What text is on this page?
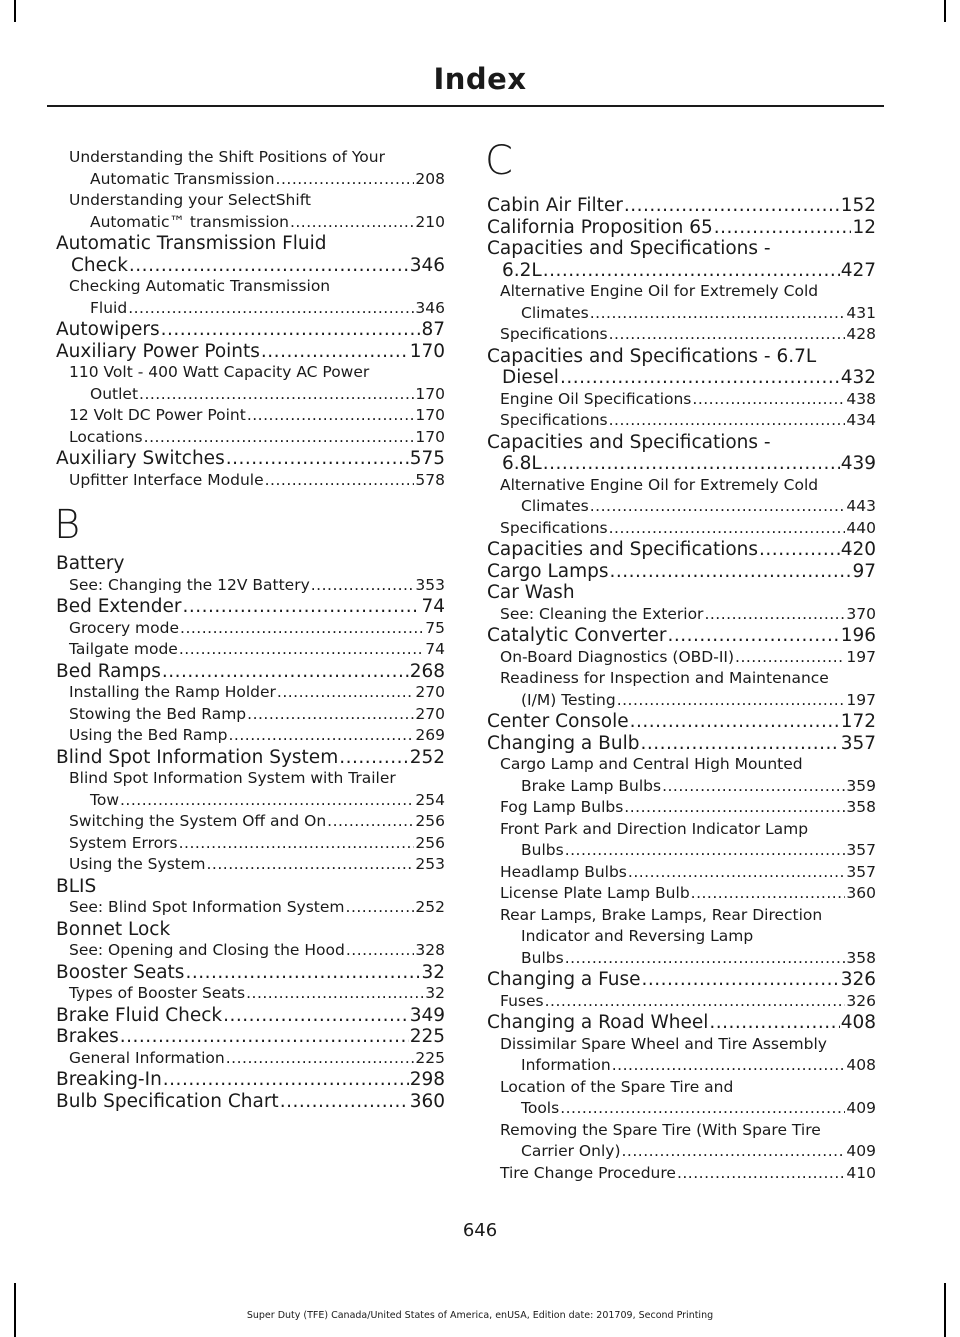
Index
Understanding the Shift Positions of Your
Automatic Transmission .....	208
Understanding your SelectShift
Automatic™ transmission .....	210
Automatic Transmission Fluid
Check .....	346
Checking Automatic Transmission
Fluid .....	346
Autowipers .....	87
Auxiliary Power Points .....	170
110 Volt - 400 Watt Capacity AC Power
Outlet .....	170
12 Volt DC Power Point .....	170
Locations .....	170
Auxiliary Switches .....	575
Upfitter Interface Module .....	578
B
Battery
See: Changing the 12V Battery .....	353
Bed Extender .....	74
Grocery mode .....	75
Tailgate mode .....	74
Bed Ramps .....	268
Installing the Ramp Holder .....	270
Stowing the Bed Ramp .....	270
Using the Bed Ramp .....	269
Blind Spot Information System .....	252
Blind Spot Information System with Trailer
Tow .....	254
Switching the System Off and On .....	256
System Errors .....	256
Using the System .....	253
BLIS
See: Blind Spot Information System .....	252
Bonnet Lock
See: Opening and Closing the Hood .....	328
Booster Seats .....	32
Types of Booster Seats .....	32
Brake Fluid Check .....	349
Brakes .....	225
General Information .....	225
Breaking-In .....	298
Bulb Specification Chart .....	360
C
Cabin Air Filter .....	152
California Proposition 65 .....	12
Capacities and Specifications -
6.2L .....	427
Alternative Engine Oil for Extremely Cold
Climates .....	431
Specifications .....	428
Capacities and Specifications - 6.7L
Diesel .....	432
Engine Oil Specifications .....	438
Specifications .....	434
Capacities and Specifications -
6.8L .....	439
Alternative Engine Oil for Extremely Cold
Climates .....	443
Specifications .....	440
Capacities and Specifications .....	420
Cargo Lamps .....	97
Car Wash
See: Cleaning the Exterior .....	370
Catalytic Converter .....	196
On-Board Diagnostics (OBD-II) .....	197
Readiness for Inspection and Maintenance
(I/M) Testing .....	197
Center Console .....	172
Changing a Bulb .....	357
Cargo Lamp and Central High Mounted
Brake Lamp Bulbs .....	359
Fog Lamp Bulbs .....	358
Front Park and Direction Indicator Lamp
Bulbs .....	357
Headlamp Bulbs .....	357
License Plate Lamp Bulb .....	360
Rear Lamps, Brake Lamps, Rear Direction
Indicator and Reversing Lamp
Bulbs .....	358
Changing a Fuse .....	326
Fuses .....	326
Changing a Road Wheel .....	408
Dissimilar Spare Wheel and Tire Assembly
Information .....	408
Location of the Spare Tire and
Tools .....	409
Removing the Spare Tire (With Spare Tire
Carrier Only) .....	409
Tire Change Procedure .....	410
646
Super Duty (TFE) Canada/United States of America, enUSA, Edition date: 201709, Second Printing
